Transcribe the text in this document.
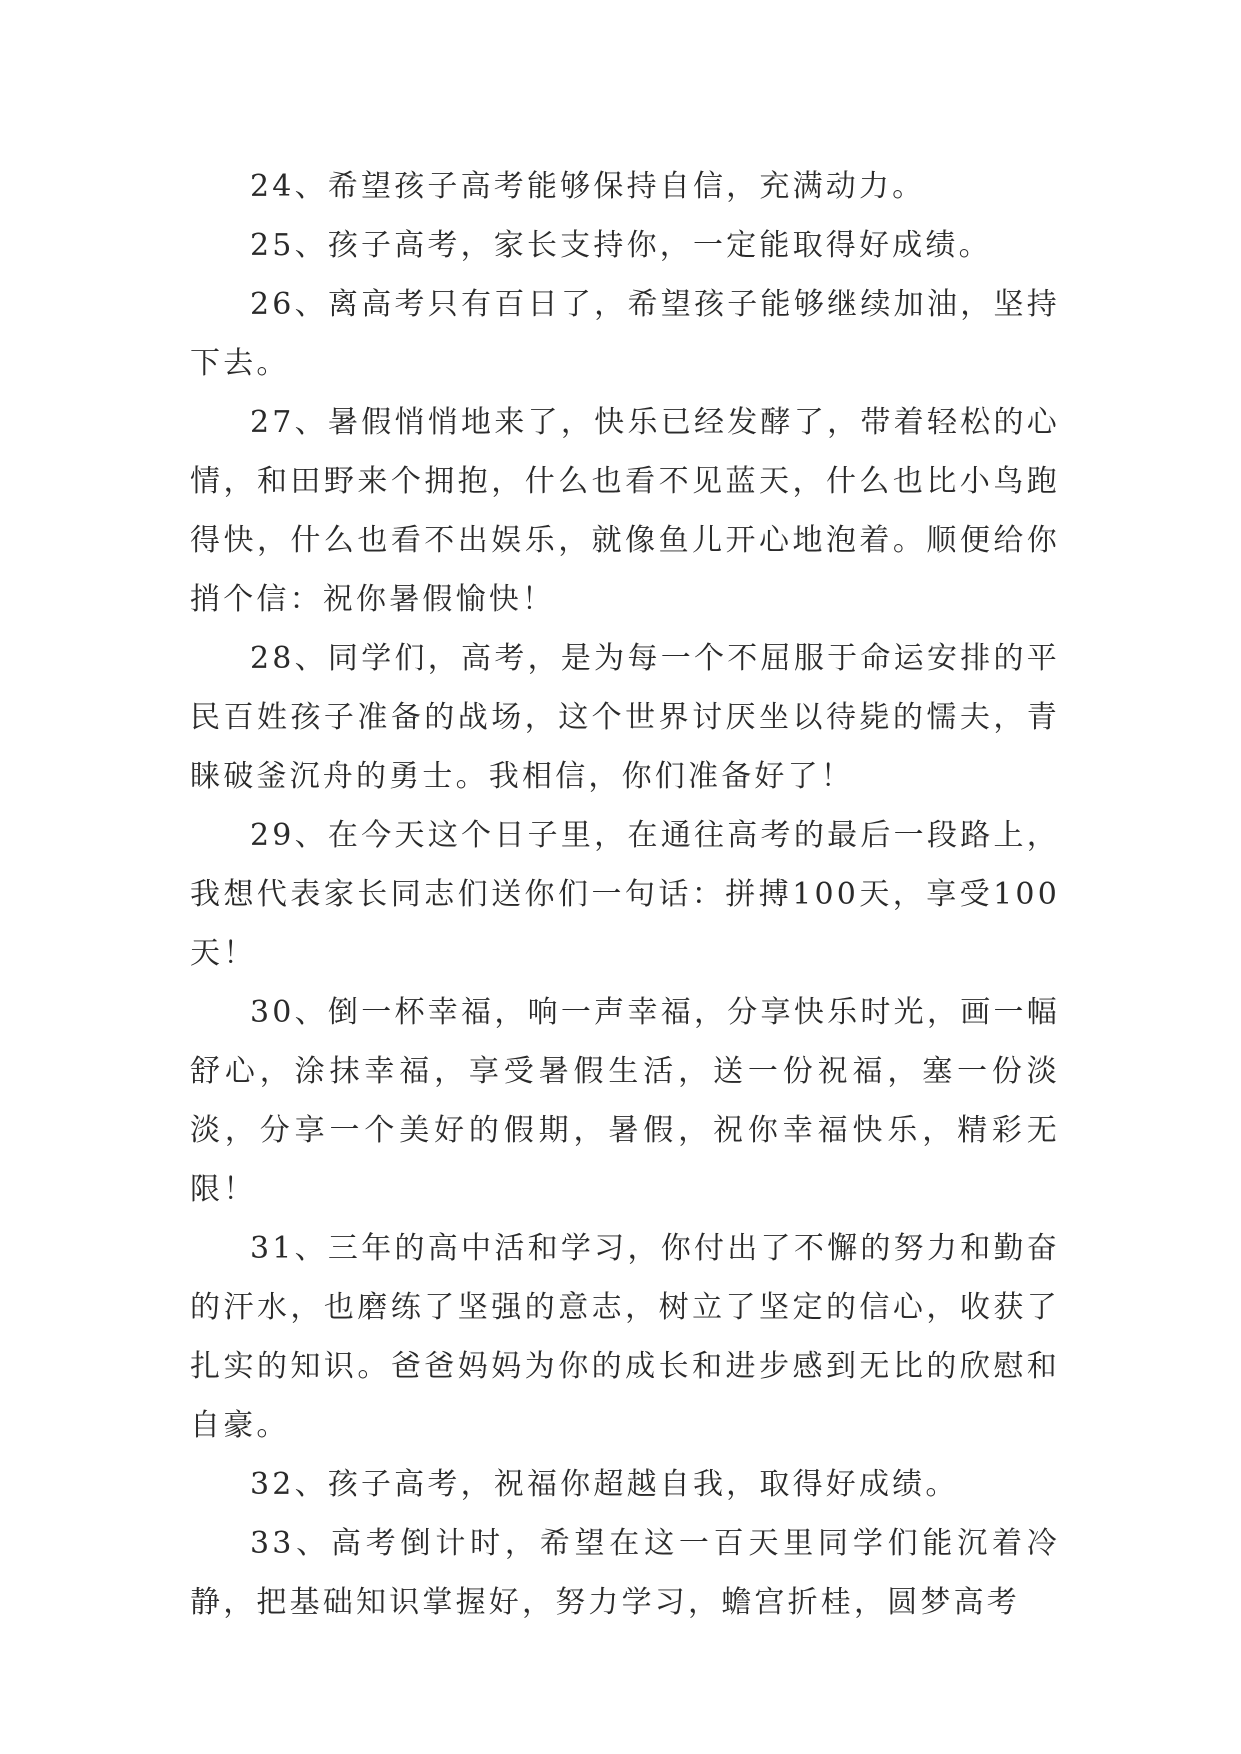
24、希望孩子高考能够保持自信，充满动力。

25、孩子高考，家长支持你，一定能取得好成绩。

26、离高考只有百日了，希望孩子能够继续加油，坚持下去。

27、暑假悄悄地来了，快乐已经发酵了，带着轻松的心情，和田野来个拥抱，什么也看不见蓝天，什么也比小鸟跑得快，什么也看不出娱乐，就像鱼儿开心地泡着。顺便给你捎个信：祝你暑假愉快！

28、同学们，高考，是为每一个不屈服于命运安排的平民百姓孩子准备的战场，这个世界讨厌坐以待毙的懦夫，青睐破釜沉舟的勇士。我相信，你们准备好了！

29、在今天这个日子里，在通往高考的最后一段路上，我想代表家长同志们送你们一句话：拼搏100天，享受100天！

30、倒一杯幸福，响一声幸福，分享快乐时光，画一幅舒心，涂抹幸福，享受暑假生活，送一份祝福，塞一份淡淡，分享一个美好的假期，暑假，祝你幸福快乐，精彩无限！

31、三年的高中活和学习，你付出了不懈的努力和勤奋的汗水，也磨练了坚强的意志，树立了坚定的信心，收获了扎实的知识。爸爸妈妈为你的成长和进步感到无比的欣慰和自豪。

32、孩子高考，祝福你超越自我，取得好成绩。

33、高考倒计时，希望在这一百天里同学们能沉着冷静，把基础知识掌握好，努力学习，蟾宫折桂，圆梦高考
